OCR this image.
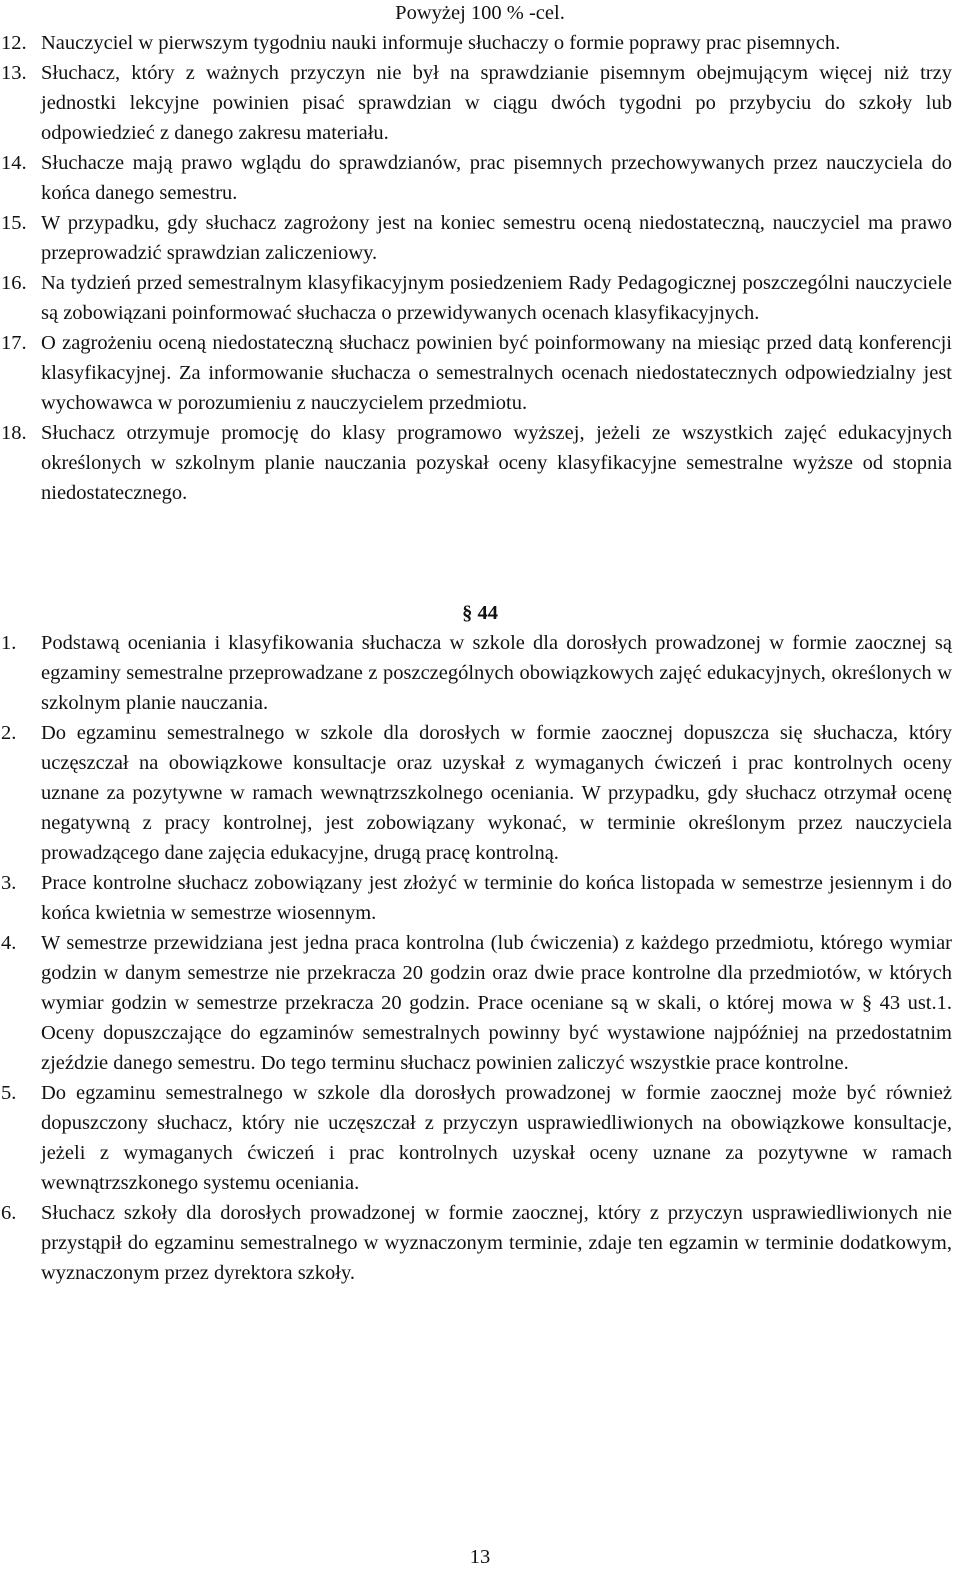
Powyżej 100 % -cel.
12. Nauczyciel w pierwszym tygodniu nauki informuje słuchaczy o formie poprawy prac pisemnych.
13. Słuchacz, który z ważnych przyczyn nie był na sprawdzianie pisemnym obejmującym więcej niż trzy jednostki lekcyjne powinien pisać sprawdzian w ciągu dwóch tygodni po przybyciu do szkoły lub odpowiedzieć z danego zakresu materiału.
14. Słuchacze mają prawo wglądu do sprawdzianów, prac pisemnych przechowywanych przez nauczyciela do końca danego semestru.
15. W przypadku, gdy słuchacz zagrożony jest na koniec semestru oceną niedostateczną, nauczyciel ma prawo przeprowadzić sprawdzian zaliczeniowy.
16. Na tydzień przed semestralnym klasyfikacyjnym posiedzeniem Rady Pedagogicznej poszczególni nauczyciele są zobowiązani poinformować słuchacza o przewidywanych ocenach klasyfikacyjnych.
17. O zagrożeniu oceną niedostateczną słuchacz powinien być poinformowany na miesiąc przed datą konferencji klasyfikacyjnej. Za informowanie słuchacza o semestralnych ocenach niedostatecznych odpowiedzialny jest wychowawca w porozumieniu z nauczycielem przedmiotu.
18. Słuchacz otrzymuje promocję do klasy programowo wyższej, jeżeli ze wszystkich zajęć edukacyjnych określonych w szkolnym planie nauczania pozyskał oceny klasyfikacyjne semestralne wyższe od stopnia niedostatecznego.
§ 44
1. Podstawą oceniania i klasyfikowania słuchacza w szkole dla dorosłych prowadzonej w formie zaocznej są egzaminy semestralne przeprowadzane z poszczególnych obowiązkowych zajęć edukacyjnych, określonych w szkolnym planie nauczania.
2. Do egzaminu semestralnego w szkole dla dorosłych w formie zaocznej dopuszcza się słuchacza, który uczęszczał na obowiązkowe konsultacje oraz uzyskał z wymaganych ćwiczeń i prac kontrolnych oceny uznane za pozytywne w ramach wewnątrzszkolnego oceniania. W przypadku, gdy słuchacz otrzymał ocenę negatywną z pracy kontrolnej, jest zobowiązany wykonać, w terminie określonym przez nauczyciela prowadzącego dane zajęcia edukacyjne, drugą pracę kontrolną.
3. Prace kontrolne słuchacz zobowiązany jest złożyć w terminie do końca listopada w semestrze jesiennym i do końca kwietnia w semestrze wiosennym.
4. W semestrze przewidziana jest jedna praca kontrolna (lub ćwiczenia) z każdego przedmiotu, którego wymiar godzin w danym semestrze nie przekracza 20 godzin oraz dwie prace kontrolne dla przedmiotów, w których wymiar godzin w semestrze przekracza 20 godzin. Prace oceniane są w skali, o której mowa w § 43 ust.1. Oceny dopuszczające do egzaminów semestralnych powinny być wystawione najpóźniej na przedostatnim zjeździe danego semestru. Do tego terminu słuchacz powinien zaliczyć wszystkie prace kontrolne.
5. Do egzaminu semestralnego w szkole dla dorosłych prowadzonej w formie zaocznej może być również dopuszczony słuchacz, który nie uczęszczał z przyczyn usprawiedliwionych na obowiązkowe konsultacje, jeżeli z wymaganych ćwiczeń i prac kontrolnych uzyskał oceny uznane za pozytywne w ramach wewnątrzszkonego systemu oceniania.
6. Słuchacz szkoły dla dorosłych prowadzonej w formie zaocznej, który z przyczyn usprawiedliwionych nie przystąpił do egzaminu semestralnego w wyznaczonym terminie, zdaje ten egzamin w terminie dodatkowym, wyznaczonym przez dyrektora szkoły.
13
